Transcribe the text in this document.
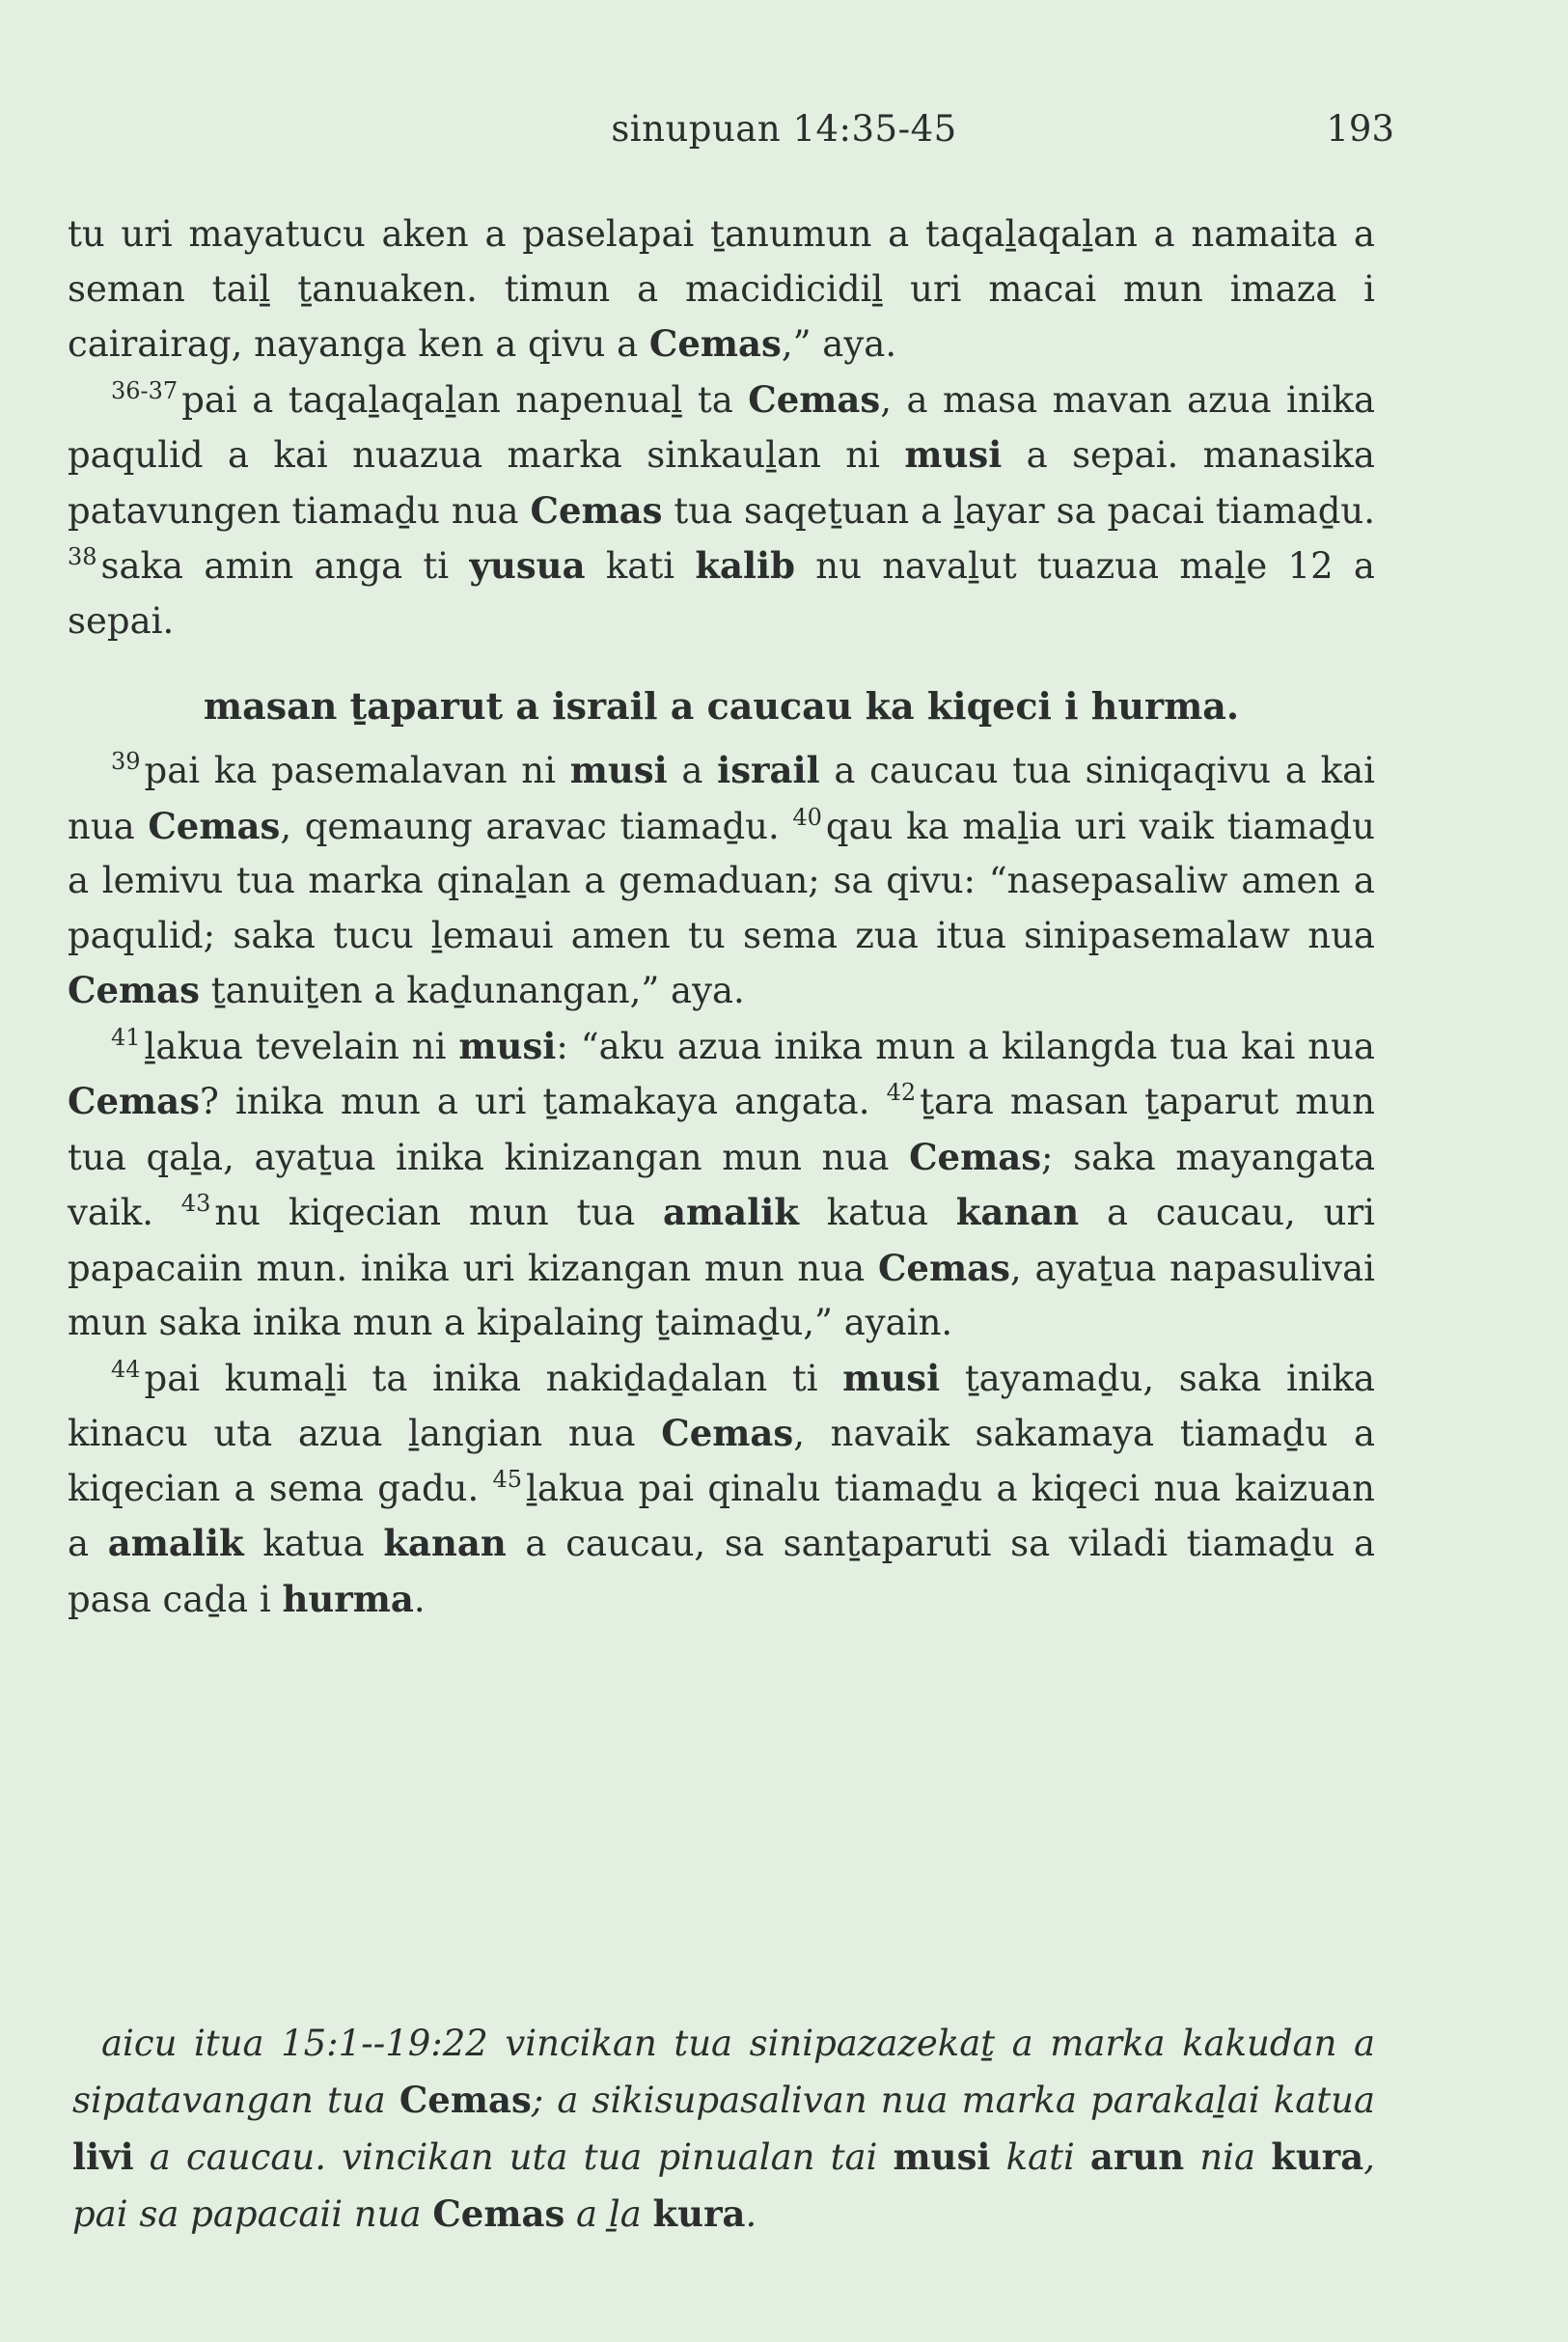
sinupuan 14:35-45	193

tu uri mayatucu aken a paselapai ṯanumun a taqaḻaqaḻan a namaita a seman taiḻ ṯanuaken. timun a macidicidiḻ uri macai mun imaza i cairairag, nayanga ken a qivu a Cemas,” aya.

$^{36-37}$ pai a taqaḻaqaḻan napenuaḻ ta Cemas, a masa mavan azua inika paqulid a kai nuazua marka sinkauḻan ni musi a sepai. manasika patavungen tiamaḏu nua Cemas tua saqeṯuan a ḻayar sa pacai tiamaḏu. $^{38}$ saka amin anga ti yusua kati kalib nu navaḻut tuazua maḻe 12 a sepai.

masan ṯaparut a israil a caucau ka kiqeci i hurma.

$^{39}$ pai ka pasemalavan ni musi a israil a caucau tua siniqaqivu a kai nua Cemas, qemaung aravac tiamaḏu. $^{40}$ qau ka maḻia uri vaik tiamaḏu a lemivu tua marka qinaḻan a gemaduan; sa qivu: “nasepasaliw amen a paqulid; saka tucu ḻemaui amen tu sema zua itua sinipasemalaw nua Cemas ṯanuiṯen a kaḏunangan,” aya.

$^{41}$ ḻakua tevelain ni musi: “aku azua inika mun a kilangda tua kai nua Cemas? inika mun a uri ṯamakaya angata. $^{42}$ ṯara masan ṯaparut mun tua qaḻa, ayaṯua inika kinizangan mun nua Cemas; saka mayangata vaik. $^{43}$ nu kiqecian mun tua amalik katua kanan a caucau, uri papacaiin mun. inika uri kizangan mun nua Cemas, ayaṯua napasulivai mun saka inika mun a kipalaing ṯaimaḏu,” ayain.

$^{44}$ pai kumaḻi ta inika nakiḏaḏalan ti musi ṯayamaḏu, saka inika kinacu uta azua ḻangian nua Cemas, navaik sakamaya tiamaḏu a kiqecian a sema gadu. $^{45}$ ḻakua pai qinalu tiamaḏu a kiqeci nua kaizuan a amalik katua kanan a caucau, sa sanṯaparuti sa viladi tiamaḏu a pasa caḏa i hurma.

aicu itua 15:1--19:22 vincikan tua sinipazazekaṯ a marka kakudan a sipatavangan tua Cemas; a sikisupasalivan nua marka parakaḻai katua livi a caucau. vincikan uta tua pinualan tai musi kati arun nia kura, pai sa papacaii nua Cemas a ḻa kura.
